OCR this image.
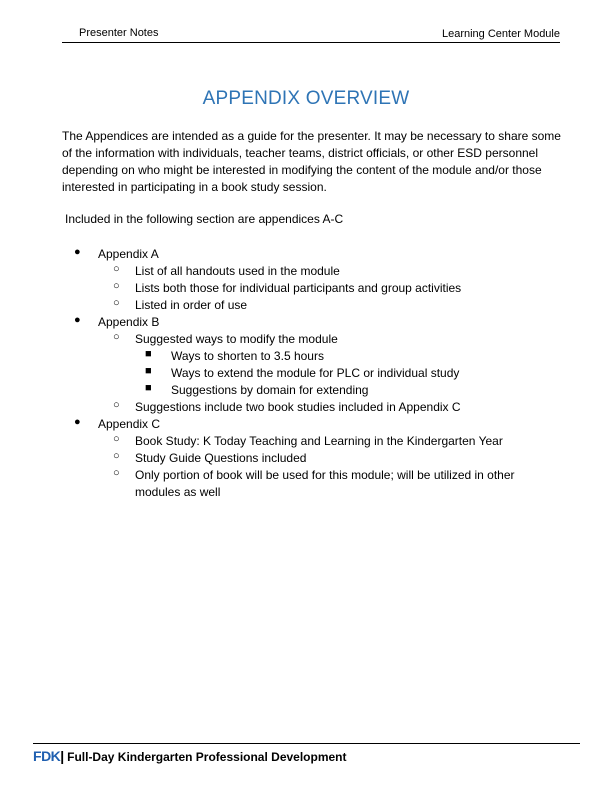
Presenter Notes	Learning Center Module
APPENDIX OVERVIEW
The Appendices are intended as a guide for the presenter. It may be necessary to share some of the information with individuals, teacher teams, district officials, or other ESD personnel depending on who might be interested in modifying the content of the module and/or those interested in participating in a book study session.
Included in the following section are appendices A-C
● Appendix A
○ List of all handouts used in the module
○ Lists both those for individual participants and group activities
○ Listed in order of use
● Appendix B
○ Suggested ways to modify the module
■ Ways to shorten to 3.5 hours
■ Ways to extend the module for PLC or individual study
■ Suggestions by domain for extending
○ Suggestions include two book studies included in Appendix C
● Appendix C
○ Book Study: K Today Teaching and Learning in the Kindergarten Year
○ Study Guide Questions included
○ Only portion of book will be used for this module; will be utilized in other modules as well
FDK| Full-Day Kindergarten Professional Development
